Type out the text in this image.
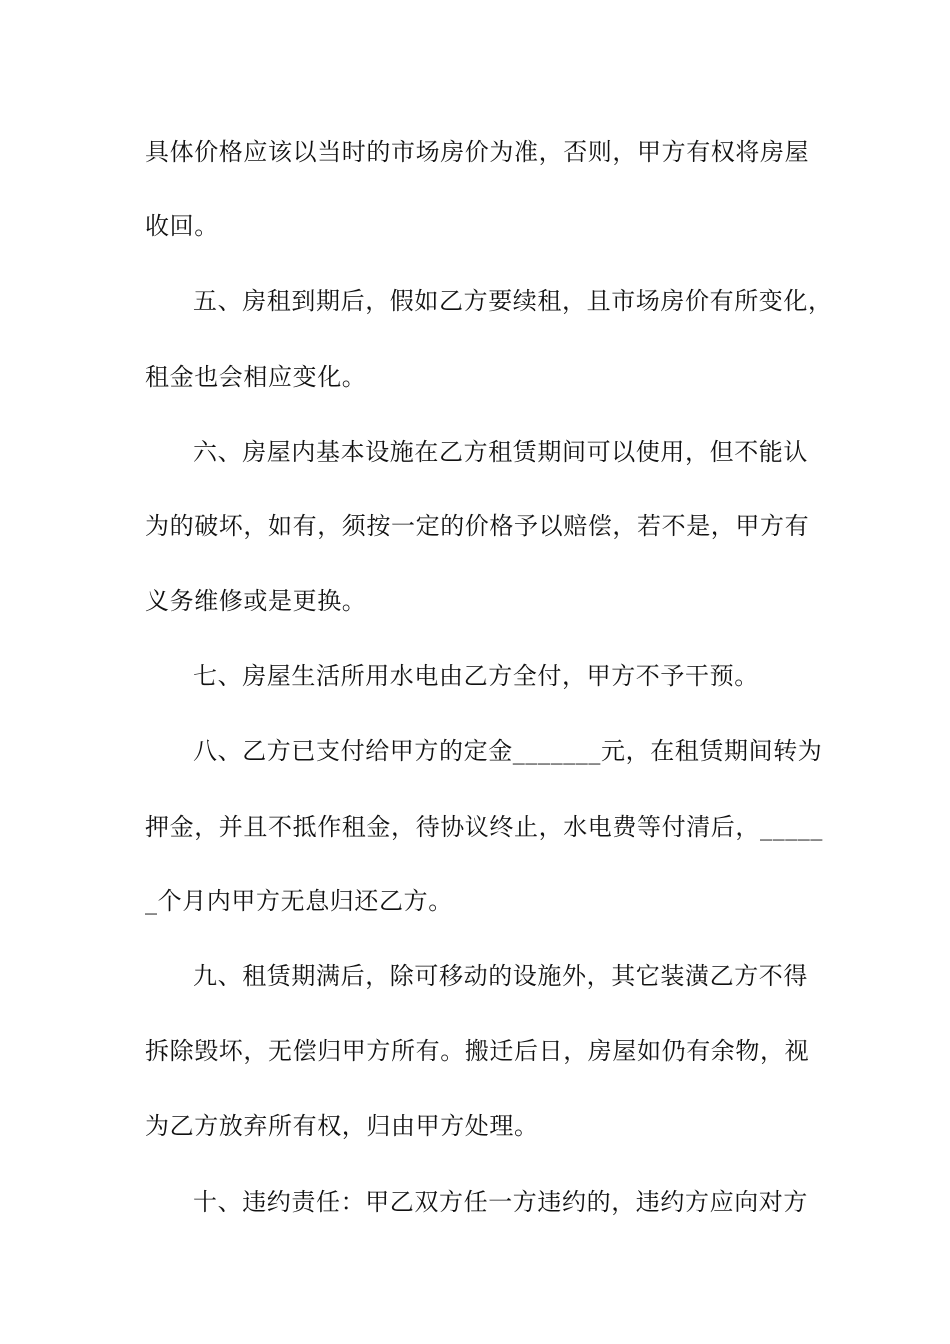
具体价格应该以当时的市场房价为准，否则，甲方有权将房屋
收回。
五、房租到期后，假如乙方要续租，且市场房价有所变化，
租金也会相应变化。
六、房屋内基本设施在乙方租赁期间可以使用，但不能认
为的破坏，如有，须按一定的价格予以赔偿，若不是，甲方有
义务维修或是更换。
七、房屋生活所用水电由乙方全付，甲方不予干预。
八、乙方已支付给甲方的定金_______元，在租赁期间转为
押金，并且不抵作租金，待协议终止，水电费等付清后，_____
_个月内甲方无息归还乙方。
九、租赁期满后，除可移动的设施外，其它装潢乙方不得
拆除毁坏，无偿归甲方所有。搬迁后日，房屋如仍有余物，视
为乙方放弃所有权，归由甲方处理。
十、违约责任：甲乙双方任一方违约的，违约方应向对方
